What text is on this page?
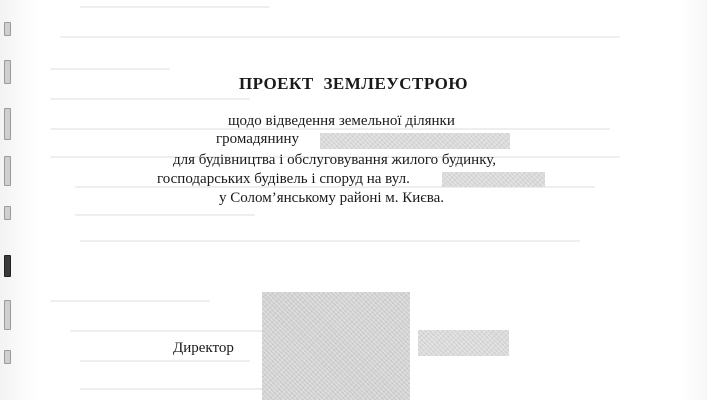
ПРОЕКТ ЗЕМЛЕУСТРОЮ
щодо відведення земельної ділянки
громадянину
для будівництва і обслуговування жилого будинку,
господарських будівель і споруд на вул.
у Солом’янському районі м. Києва.
Директор
